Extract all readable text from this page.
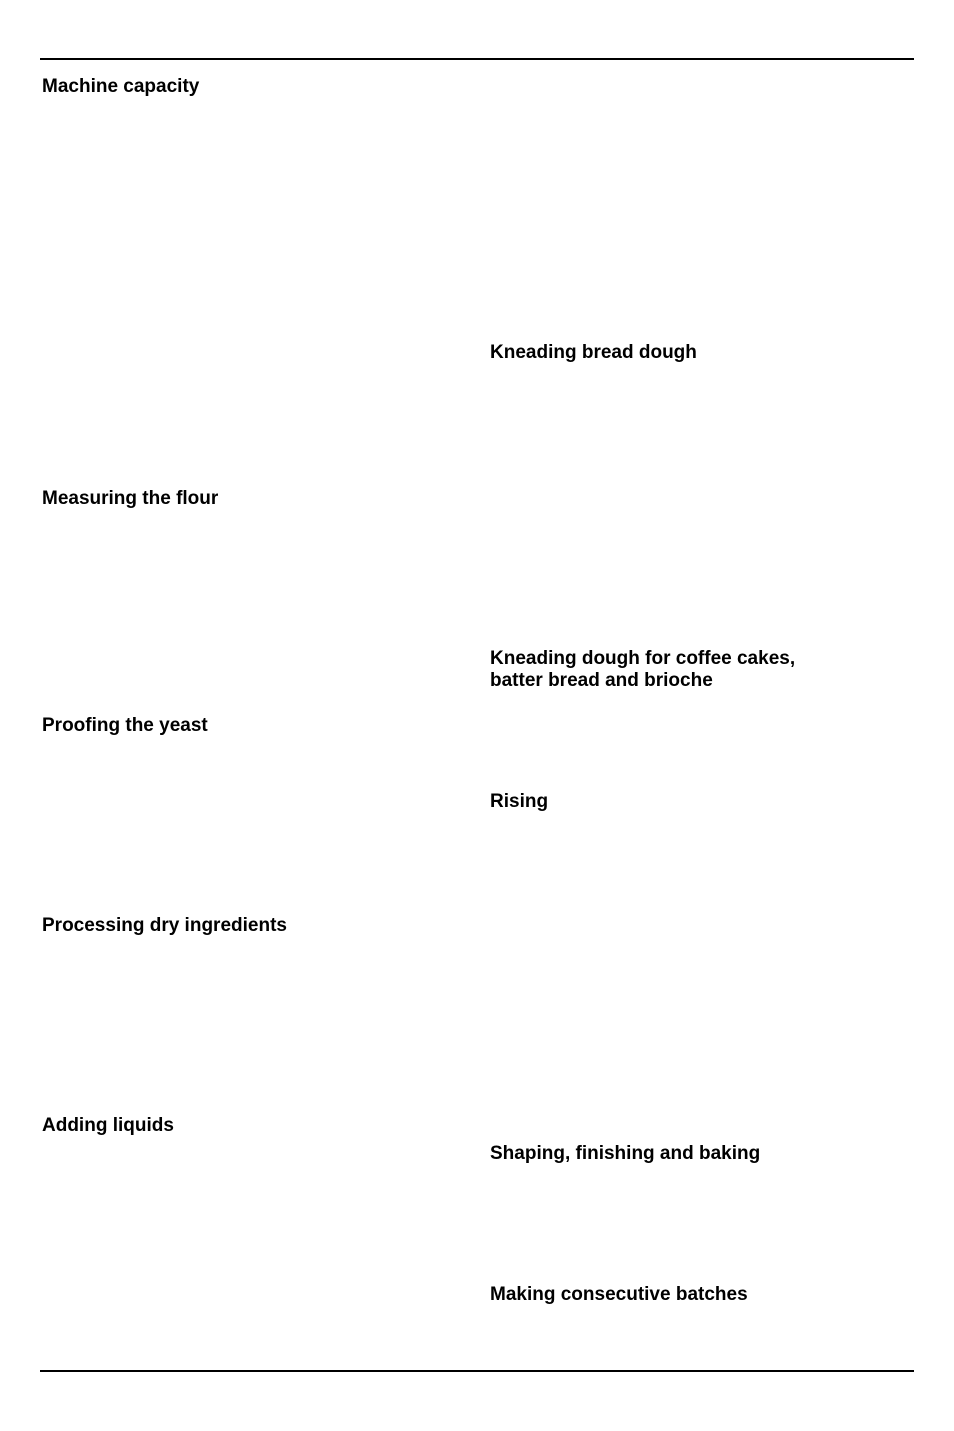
Machine capacity
Measuring the flour
Proofing the yeast
Processing dry ingredients
Adding liquids
Kneading bread dough
Kneading dough for coffee cakes,
batter bread and brioche
Rising
Shaping, finishing and baking
Making consecutive batches
